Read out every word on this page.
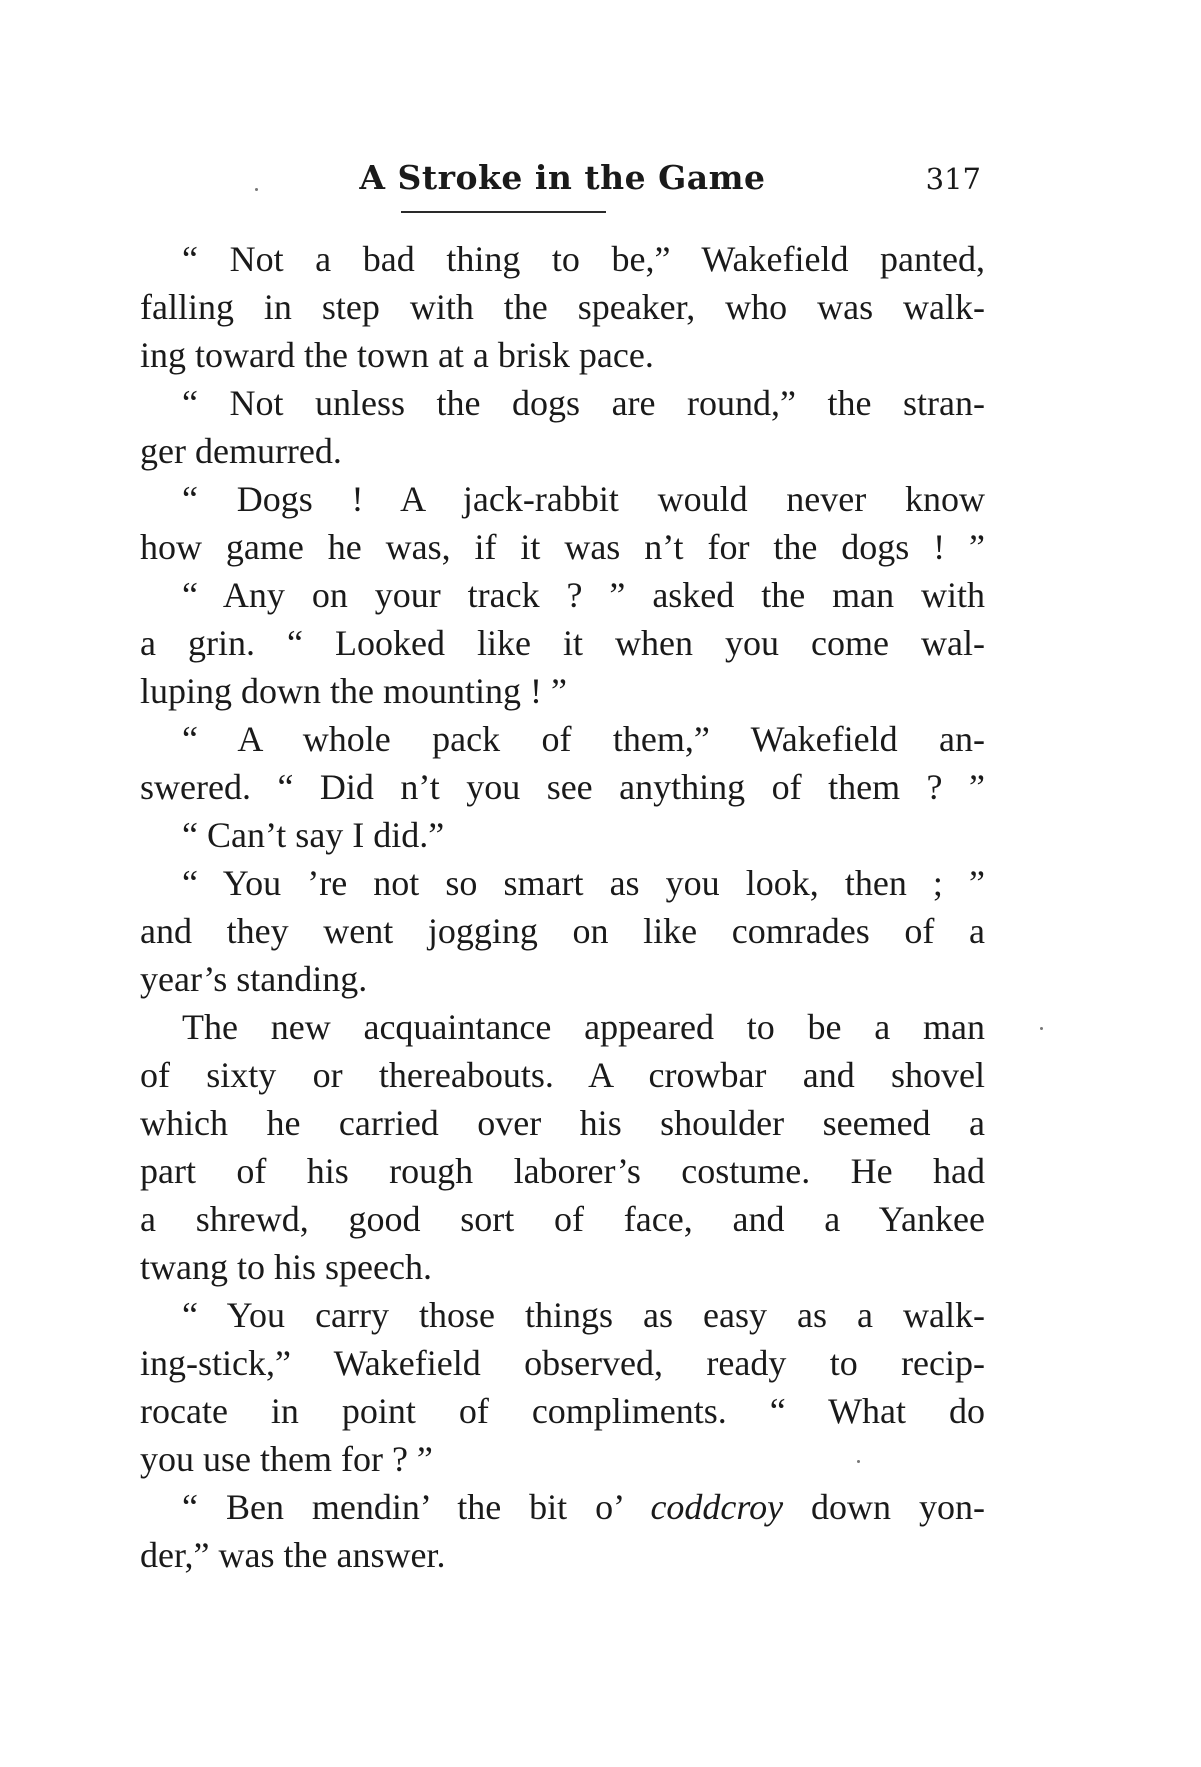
A Stroke in the Game	317
“ Not a bad thing to be,” Wakefield panted,
falling in step with the speaker, who was walk-
ing toward the town at a brisk pace.
“ Not unless the dogs are round,” the stran-
ger demurred.
“ Dogs ! A jack-rabbit would never know
how game he was, if it was n’t for the dogs ! ”
“ Any on your track ? ” asked the man with
a grin. “ Looked like it when you come wal-
luping down the mounting ! ”
“ A whole pack of them,” Wakefield an-
swered. “ Did n’t you see anything of them ? ”
“ Can’t say I did.”
“ You ’re not so smart as you look, then ; ”
and they went jogging on like comrades of a
year’s standing.
The new acquaintance appeared to be a man
of sixty or thereabouts. A crowbar and shovel
which he carried over his shoulder seemed a
part of his rough laborer’s costume. He had
a shrewd, good sort of face, and a Yankee
twang to his speech.
“ You carry those things as easy as a walk-
ing-stick,” Wakefield observed, ready to recip-
rocate in point of compliments. “ What do
you use them for ? ”
“ Ben mendin’ the bit o’ coddcroy down yon-
der,” was the answer.
